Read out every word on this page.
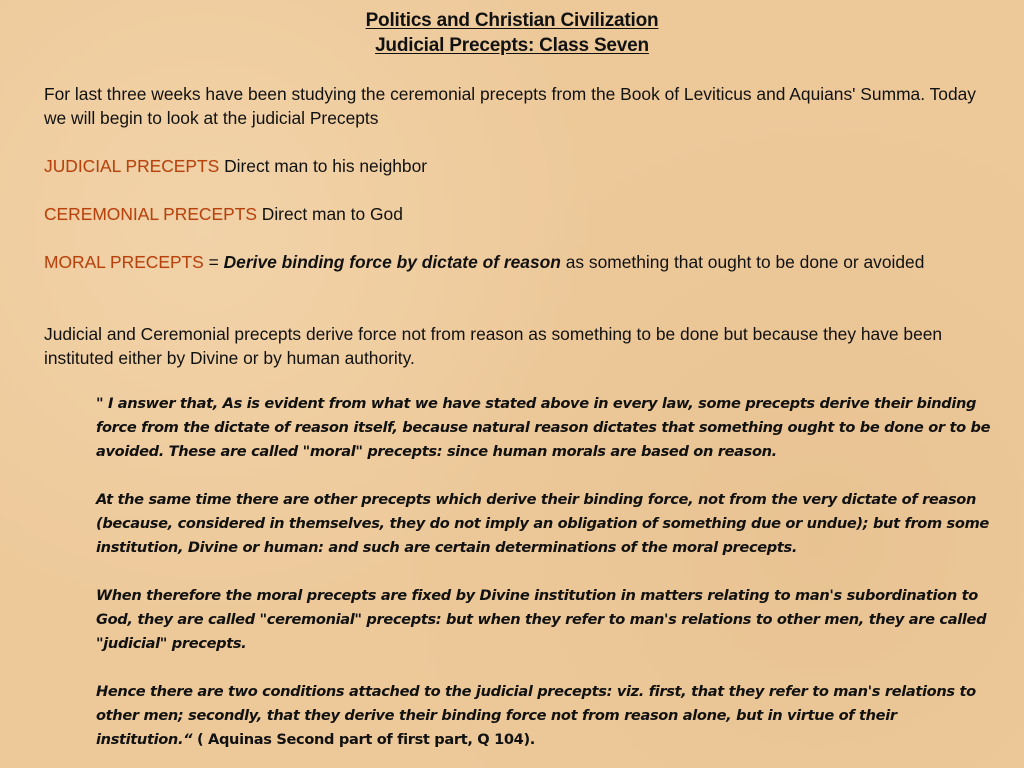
Politics and Christian Civilization
Judicial Precepts: Class Seven
For last three weeks have been studying the ceremonial precepts from the Book of Leviticus and Aquians' Summa. Today we will begin to look at the judicial Precepts
JUDICIAL PRECEPTS Direct man to his neighbor
CEREMONIAL PRECEPTS Direct man to God
MORAL PRECEPTS = Derive binding force by dictate of reason as something that ought to be done or avoided
Judicial and Ceremonial precepts derive force not from reason as something to be done but because they have been instituted either by Divine or by human authority.
" I answer that, As is evident from what we have stated above in every law, some precepts derive their binding force from the dictate of reason itself, because natural reason dictates that something ought to be done or to be avoided. These are called "moral" precepts: since human morals are based on reason.
At the same time there are other precepts which derive their binding force, not from the very dictate of reason (because, considered in themselves, they do not imply an obligation of something due or undue); but from some institution, Divine or human: and such are certain determinations of the moral precepts.
When therefore the moral precepts are fixed by Divine institution in matters relating to man's subordination to God, they are called "ceremonial" precepts: but when they refer to man's relations to other men, they are called "judicial" precepts.
Hence there are two conditions attached to the judicial precepts: viz. first, that they refer to man's relations to other men; secondly, that they derive their binding force not from reason alone, but in virtue of their institution.“ ( Aquinas Second part of first part, Q 104).
